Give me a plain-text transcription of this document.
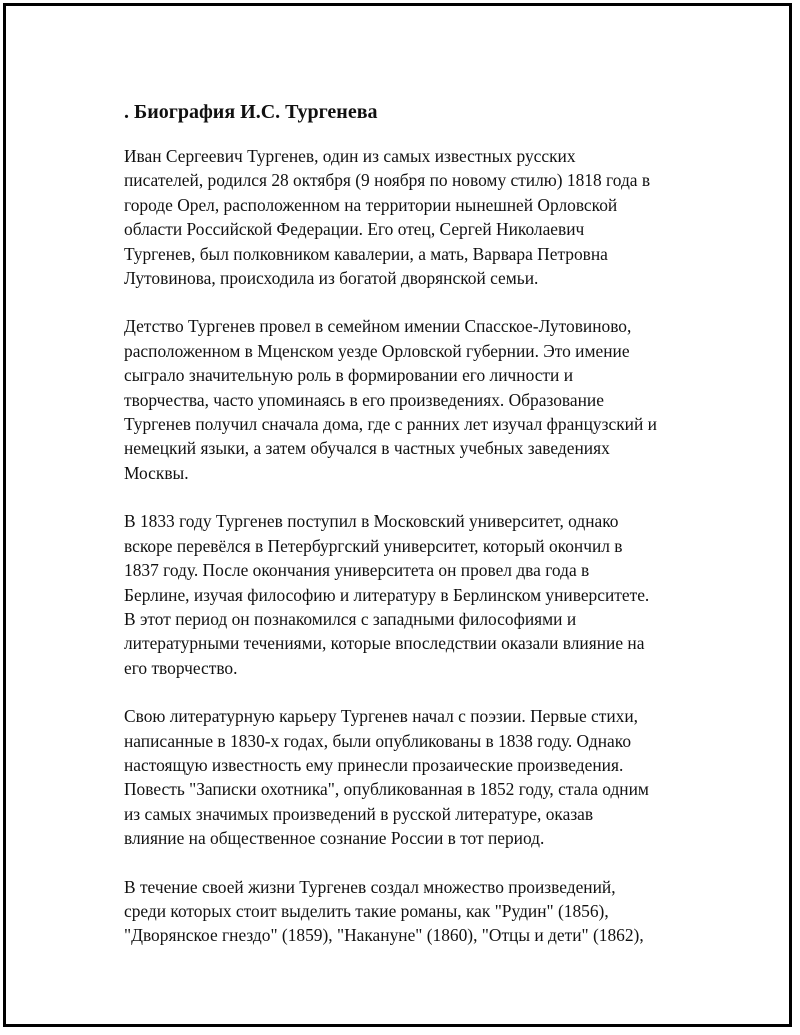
. Биография И.С. Тургенева

Иван Сергеевич Тургенев, один из самых известных русских
писателей, родился 28 октября (9 ноября по новому стилю) 1818 года в
городе Орел, расположенном на территории нынешней Орловской
области Российской Федерации. Его отец, Сергей Николаевич
Тургенев, был полковником кавалерии, а мать, Варвара Петровна
Лутовинова, происходила из богатой дворянской семьи.

Детство Тургенев провел в семейном имении Спасское-Лутовиново,
расположенном в Мценском уезде Орловской губернии. Это имение
сыграло значительную роль в формировании его личности и
творчества, часто упоминаясь в его произведениях. Образование
Тургенев получил сначала дома, где с ранних лет изучал французский и
немецкий языки, а затем обучался в частных учебных заведениях
Москвы.

В 1833 году Тургенев поступил в Московский университет, однако
вскоре перевёлся в Петербургский университет, который окончил в
1837 году. После окончания университета он провел два года в
Берлине, изучая философию и литературу в Берлинском университете.
В этот период он познакомился с западными философиями и
литературными течениями, которые впоследствии оказали влияние на
его творчество.

Свою литературную карьеру Тургенев начал с поэзии. Первые стихи,
написанные в 1830-х годах, были опубликованы в 1838 году. Однако
настоящую известность ему принесли прозаические произведения.
Повесть "Записки охотника", опубликованная в 1852 году, стала одним
из самых значимых произведений в русской литературе, оказав
влияние на общественное сознание России в тот период.

В течение своей жизни Тургенев создал множество произведений,
среди которых стоит выделить такие романы, как "Рудин" (1856),
"Дворянское гнездо" (1859), "Накануне" (1860), "Отцы и дети" (1862),
